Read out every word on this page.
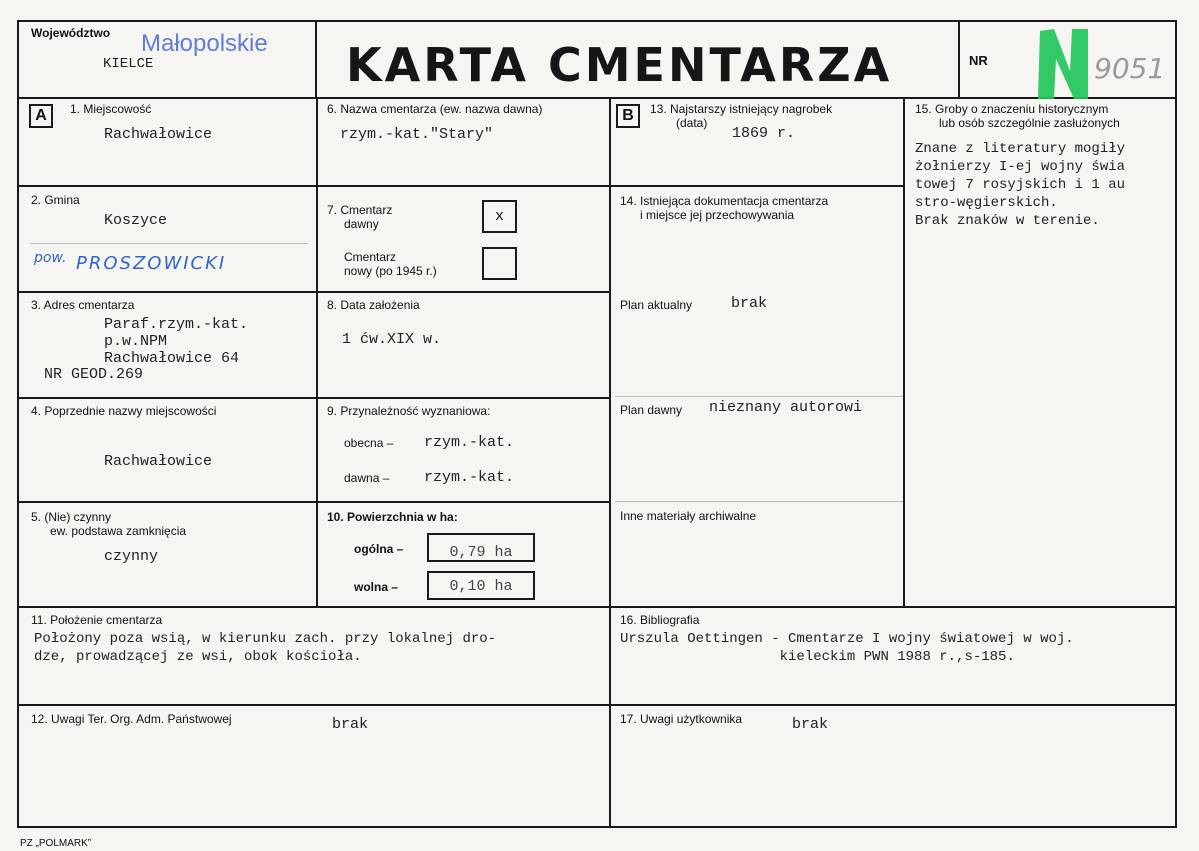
Województwo Małopolskie
KIELCE	KARTA CMENTARZA	NR	9051
A	1. Miejscowość
Rachwałowice
2. Gmina
Koszyce
pow. PROSZOWICKI
3. Adres cmentarza
Paraf.rzym.-kat.
p.w.NPM
Rachwałowice 64
NR GEOD.269
4. Poprzednie nazwy miejscowości
Rachwałowice
5. (Nie) czynny
ew. podstawa zamknięcia
czynny
6. Nazwa cmentarza (ew. nazwa dawna)
rzym.-kat."Stary"
7. Cmentarz
dawny	x
Cmentarz
nowy (po 1945 r.)
8. Data założenia
1 ćw.XIX w.
9. Przynależność wyznaniowa:
obecna – rzym.-kat.
dawna – rzym.-kat.
10. Powierzchnia w ha:
ogólna –	0,79 ha
wolna –	0,10 ha
B	13. Najstarszy istniejący nagrobek
(data)
1869 r.
14. Istniejąca dokumentacja cmentarza
i miejsce jej przechowywania
Plan aktualny	brak
Plan dawny nieznany autorowi
Inne materiały archiwalne
15. Groby o znaczeniu historycznym
lub osób szczególnie zasłużonych
Znane z literatury mogiły
żołnierzy I-ej wojny świa
towej 7 rosyjskich i 1 au
stro-węgierskich.
Brak znaków w terenie.
11. Położenie cmentarza
Położony poza wsią, w kierunku zach. przy lokalnej dro-
dze, prowadzącej ze wsi, obok kościoła.
16. Bibliografia
Urszula Oettingen - Cmentarze I wojny światowej w woj.
kieleckim PWN 1988 r.,s-185.
12. Uwagi Ter. Org. Adm. Państwowej	brak	17. Uwagi użytkownika	brak
PZ „POLMARK”
